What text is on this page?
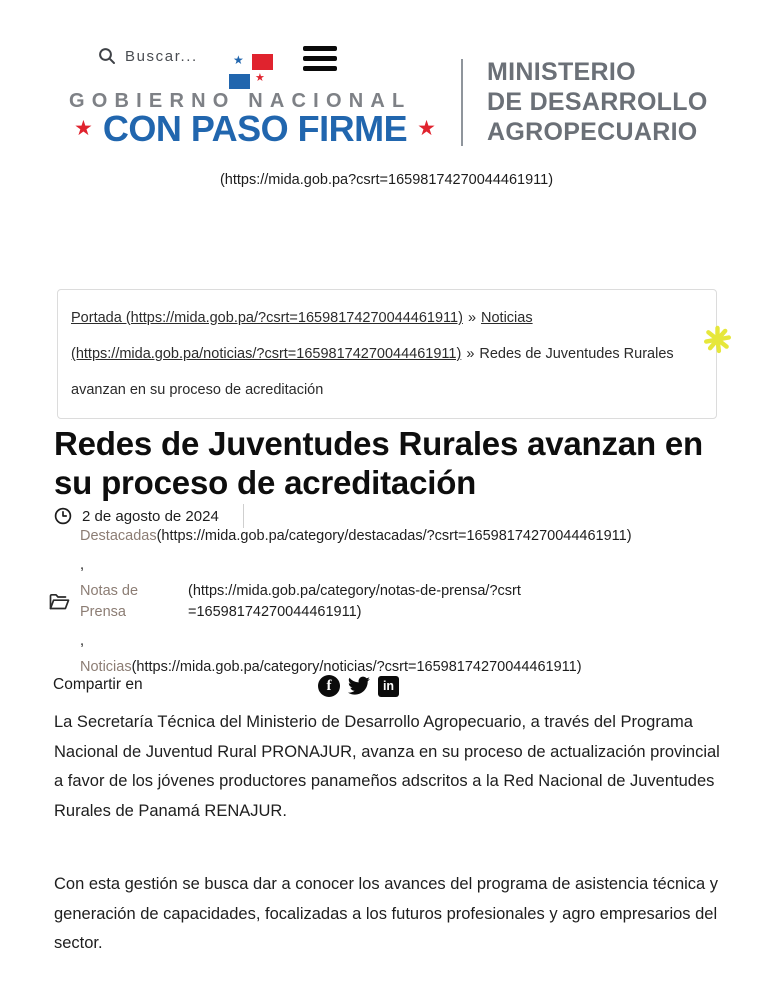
Buscar...	★
★
GOBIERNO NACIONAL
★ CON PASO FIRME ★
MINISTERIO
DE DESARROLLO
AGROPECUARIO
(https://mida.gob.pa?csrt=16598174270044461911)
Portada (https://mida.gob.pa/?csrt=16598174270044461911) » Noticias (https://mida.gob.pa/noticias/?csrt=16598174270044461911) » Redes de Juventudes Rurales avanzan en su proceso de acreditación
Redes de Juventudes Rurales avanzan en su proceso de acreditación
2 de agosto de 2024
Destacadas(https://mida.gob.pa/category/destacadas/?csrt=16598174270044461911)
,
Notas de Prensa
(https://mida.gob.pa/category/notas-de-prensa/?csrt=16598174270044461911)
,
Noticias(https://mida.gob.pa/category/noticias/?csrt=16598174270044461911)
Compartir en	f	in

La Secretaría Técnica del Ministerio de Desarrollo Agropecuario, a través del Programa Nacional de Juventud Rural PRONAJUR, avanza en su proceso de actualización provincial a favor de los jóvenes productores panameños adscritos a la Red Nacional de Juventudes Rurales de Panamá RENAJUR.

Con esta gestión se busca dar a conocer los avances del programa de asistencia técnica y generación de capacidades, focalizadas a los futuros profesionales y agro empresarios del sector.
